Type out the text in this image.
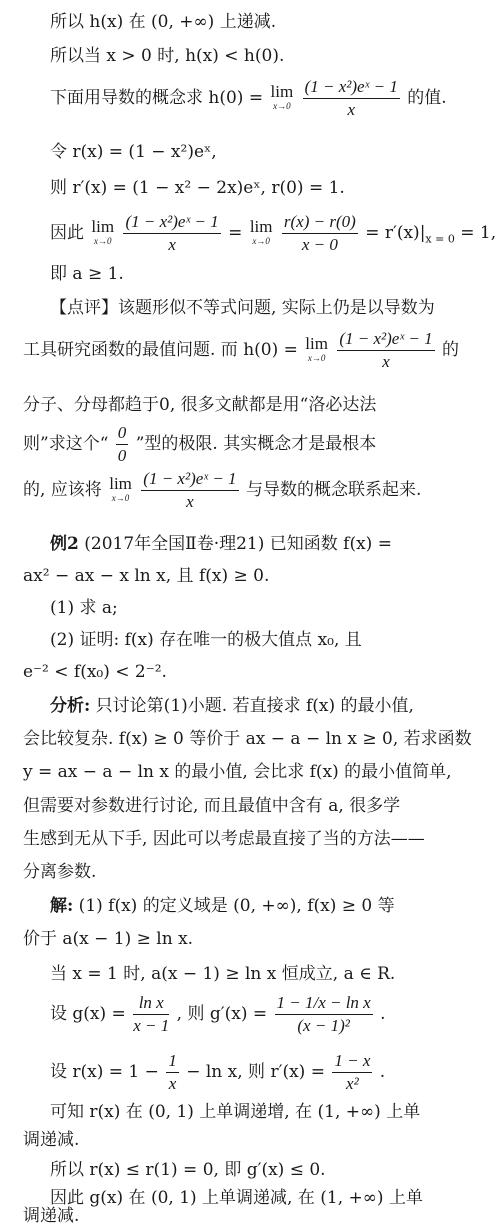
所以 h(x) 在 (0, +∞) 上递减.
所以当 x > 0 时, h(x) < h(0).
下面用导数的概念求 h(0) = lim
x→0
$\frac{\text{(1 − x²)eˣ − 1}}{x}$ 的值.
令 r(x) = (1 − x²)eˣ,
则 r′(x) = (1 − x² − 2x)eˣ, r(0) = 1.
因此 lim
x→0
$\frac{\text{(1 − x²)eˣ − 1}}{x} = \lim$
x→0
$\frac{r(x) - r(0)}{x - 0} = r'(x)|_{x = 0} = 1$,
即 a ≥ 1.
【点评】该题形似不等式问题, 实际上仍是以导数为
工具研究函数的最值问题. 而 h(0) = lim
x→0
$\frac{\text{(1 − x²)eˣ − 1}}{x}$ 的
分子、分母都趋于0, 很多文献都是用“洛必达法
则”求这个“ $\frac{0}{0}$ ”型的极限. 其实概念才是最根本
的, 应该将 lim
x→0
$\frac{\text{(1 − x²)eˣ − 1}}{x}$ 与导数的概念联系起来.
例2 (2017年全国Ⅱ卷·理21) 已知函数 f(x) =
ax² − ax − x ln x, 且 f(x) ≥ 0.
(1) 求 a;
(2) 证明: f(x) 存在唯一的极大值点 x₀, 且
e⁻² < f(x₀) < 2⁻².
分析: 只讨论第(1)小题. 若直接求 f(x) 的最小值,
会比较复杂. f(x) ≥ 0 等价于 ax − a − ln x ≥ 0, 若求函数
y = ax − a − ln x 的最小值, 会比求 f(x) 的最小值简单,
但需要对参数进行讨论, 而且最值中含有 a, 很多学
生感到无从下手, 因此可以考虑最直接了当的方法——
分离参数.
解: (1) f(x) 的定义域是 (0, +∞), f(x) ≥ 0 等
价于 a(x − 1) ≥ ln x.
当 x = 1 时, a(x − 1) ≥ ln x 恒成立, a ∈ R.
设 $g(x) = \frac{\text{ln x}}{x - 1}$ , 则 $g'(x) = \frac{\text{1 − 1/x − ln x}}{\text{(x − 1)²}}$ .
设 $r(x) = 1 - \frac{1}{x} - \ln x$, 则 $r'(x) = \frac{1 - x}{\text{x²}}$ .
可知 r(x) 在 (0, 1) 上单调递增, 在 (1, +∞) 上单
调递减.
所以 r(x) ≤ r(1) = 0, 即 g′(x) ≤ 0.
因此 g(x) 在 (0, 1) 上单调递减, 在 (1, +∞) 上单
调递减.
